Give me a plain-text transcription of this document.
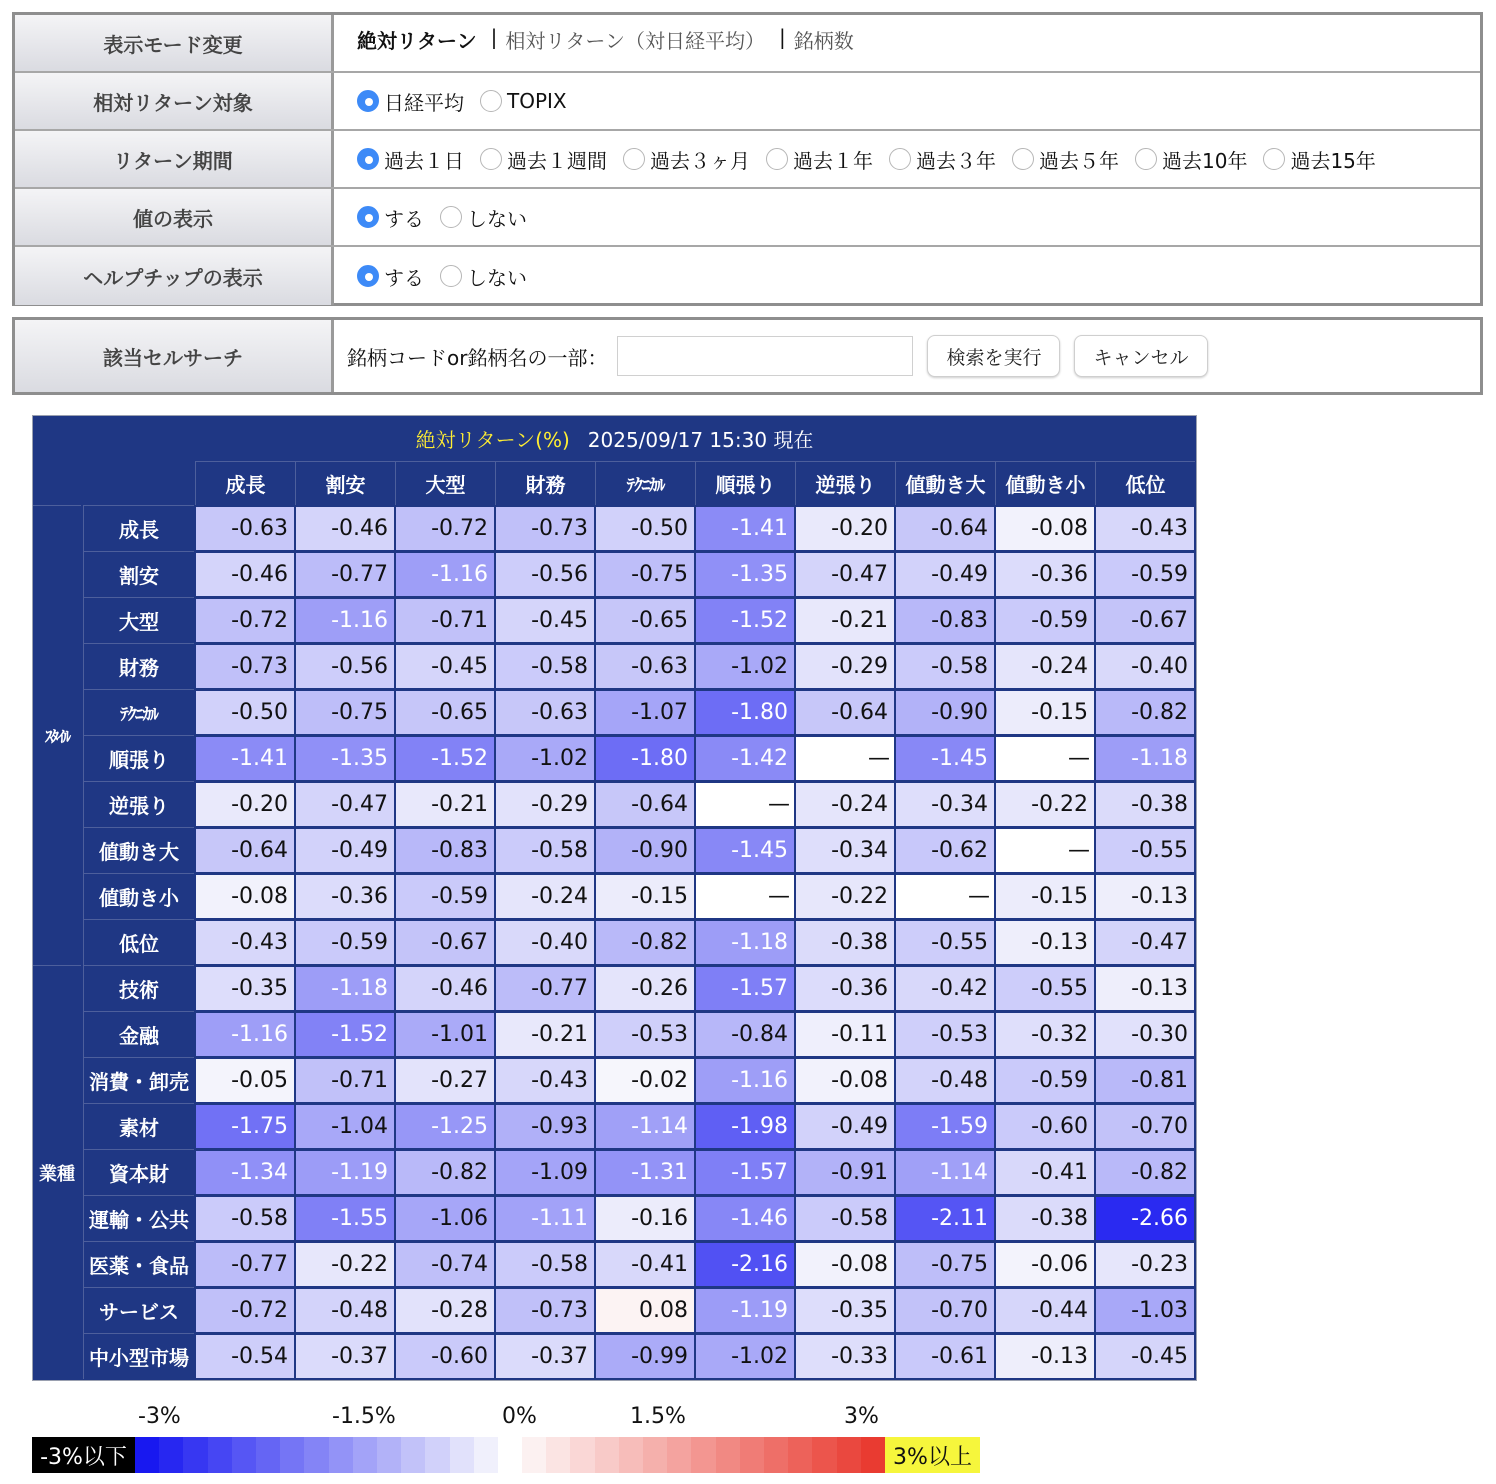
表示モード変更	絶対リターン | 相対リターン（対日経平均） | 銘柄数
相対リターン対象	日経平均 TOPIX
リターン期間	過去１日 過去１週間 過去３ヶ月 過去１年 過去３年 過去５年 過去10年 過去15年
値の表示	する しない
ヘルプチップの表示	する しない
該当セルサーチ	銘柄コードor銘柄名の一部：	検索を実行	キャンセル
絶対リターン(%) 2025/09/17 15:30 現在
成長	割安	大型	財務	ﾃｸﾆｶﾙ	順張り	逆張り	値動き大	値動き小	低位
ｽﾀｲﾙ
成長	-0.63	-0.46	-0.72	-0.73	-0.50	-1.41	-0.20	-0.64	-0.08	-0.43
割安	-0.46	-0.77	-1.16	-0.56	-0.75	-1.35	-0.47	-0.49	-0.36	-0.59
大型	-0.72	-1.16	-0.71	-0.45	-0.65	-1.52	-0.21	-0.83	-0.59	-0.67
財務	-0.73	-0.56	-0.45	-0.58	-0.63	-1.02	-0.29	-0.58	-0.24	-0.40
ﾃｸﾆｶﾙ	-0.50	-0.75	-0.65	-0.63	-1.07	-1.80	-0.64	-0.90	-0.15	-0.82
順張り	-1.41	-1.35	-1.52	-1.02	-1.80	-1.42	—	-1.45	—	-1.18
逆張り	-0.20	-0.47	-0.21	-0.29	-0.64	—	-0.24	-0.34	-0.22	-0.38
値動き大	-0.64	-0.49	-0.83	-0.58	-0.90	-1.45	-0.34	-0.62	—	-0.55
値動き小	-0.08	-0.36	-0.59	-0.24	-0.15	—	-0.22	—	-0.15	-0.13
低位	-0.43	-0.59	-0.67	-0.40	-0.82	-1.18	-0.38	-0.55	-0.13	-0.47
業種
技術	-0.35	-1.18	-0.46	-0.77	-0.26	-1.57	-0.36	-0.42	-0.55	-0.13
金融	-1.16	-1.52	-1.01	-0.21	-0.53	-0.84	-0.11	-0.53	-0.32	-0.30
消費・卸売	-0.05	-0.71	-0.27	-0.43	-0.02	-1.16	-0.08	-0.48	-0.59	-0.81
素材	-1.75	-1.04	-1.25	-0.93	-1.14	-1.98	-0.49	-1.59	-0.60	-0.70
資本財	-1.34	-1.19	-0.82	-1.09	-1.31	-1.57	-0.91	-1.14	-0.41	-0.82
運輸・公共	-0.58	-1.55	-1.06	-1.11	-0.16	-1.46	-0.58	-2.11	-0.38	-2.66
医薬・食品	-0.77	-0.22	-0.74	-0.58	-0.41	-2.16	-0.08	-0.75	-0.06	-0.23
サービス	-0.72	-0.48	-0.28	-0.73	0.08	-1.19	-0.35	-0.70	-0.44	-1.03
中小型市場	-0.54	-0.37	-0.60	-0.37	-0.99	-1.02	-0.33	-0.61	-0.13	-0.45
-3%	-1.5%	0%	1.5%	3%
-3%以下	3%以上
